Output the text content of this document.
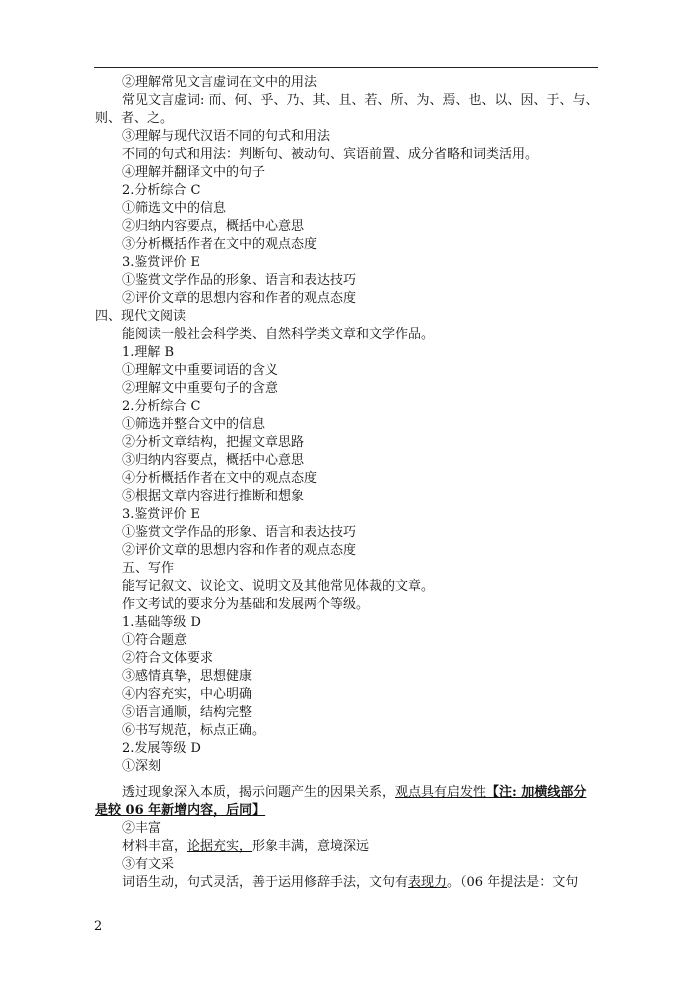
②理解常见文言虚词在文中的用法
常见文言虚词: 而、何、乎、乃、其、且、若、所、为、焉、也、以、因、于、与、
则、者、之。
③理解与现代汉语不同的句式和用法
不同的句式和用法：判断句、被动句、宾语前置、成分省略和词类活用。
④理解并翻译文中的句子
2.分析综合 C
①筛选文中的信息
②归纳内容要点，概括中心意思
③分析概括作者在文中的观点态度
3.鉴赏评价 E
①鉴赏文学作品的形象、语言和表达技巧
②评价文章的思想内容和作者的观点态度
四、现代文阅读
能阅读一般社会科学类、自然科学类文章和文学作品。
1.理解 B
①理解文中重要词语的含义
②理解文中重要句子的含意
2.分析综合 C
①筛选并整合文中的信息
②分析文章结构，把握文章思路
③归纳内容要点，概括中心意思
④分析概括作者在文中的观点态度
⑤根据文章内容进行推断和想象
3.鉴赏评价 E
①鉴赏文学作品的形象、语言和表达技巧
②评价文章的思想内容和作者的观点态度
五、写作
能写记叙文、议论文、说明文及其他常见体裁的文章。
作文考试的要求分为基础和发展两个等级。
1.基础等级 D
①符合题意
②符合文体要求
③感情真挚，思想健康
④内容充实，中心明确
⑤语言通顺，结构完整
⑥书写规范，标点正确。
2.发展等级 D
①深刻
透过现象深入本质，揭示问题产生的因果关系，观点具有启发性【注: 加横线部分
是较 06 年新增内容，后同】
②丰富
材料丰富，论据充实，形象丰满，意境深远
③有文采
词语生动，句式灵活，善于运用修辞手法，文句有表现力。（06 年提法是：文句
2
